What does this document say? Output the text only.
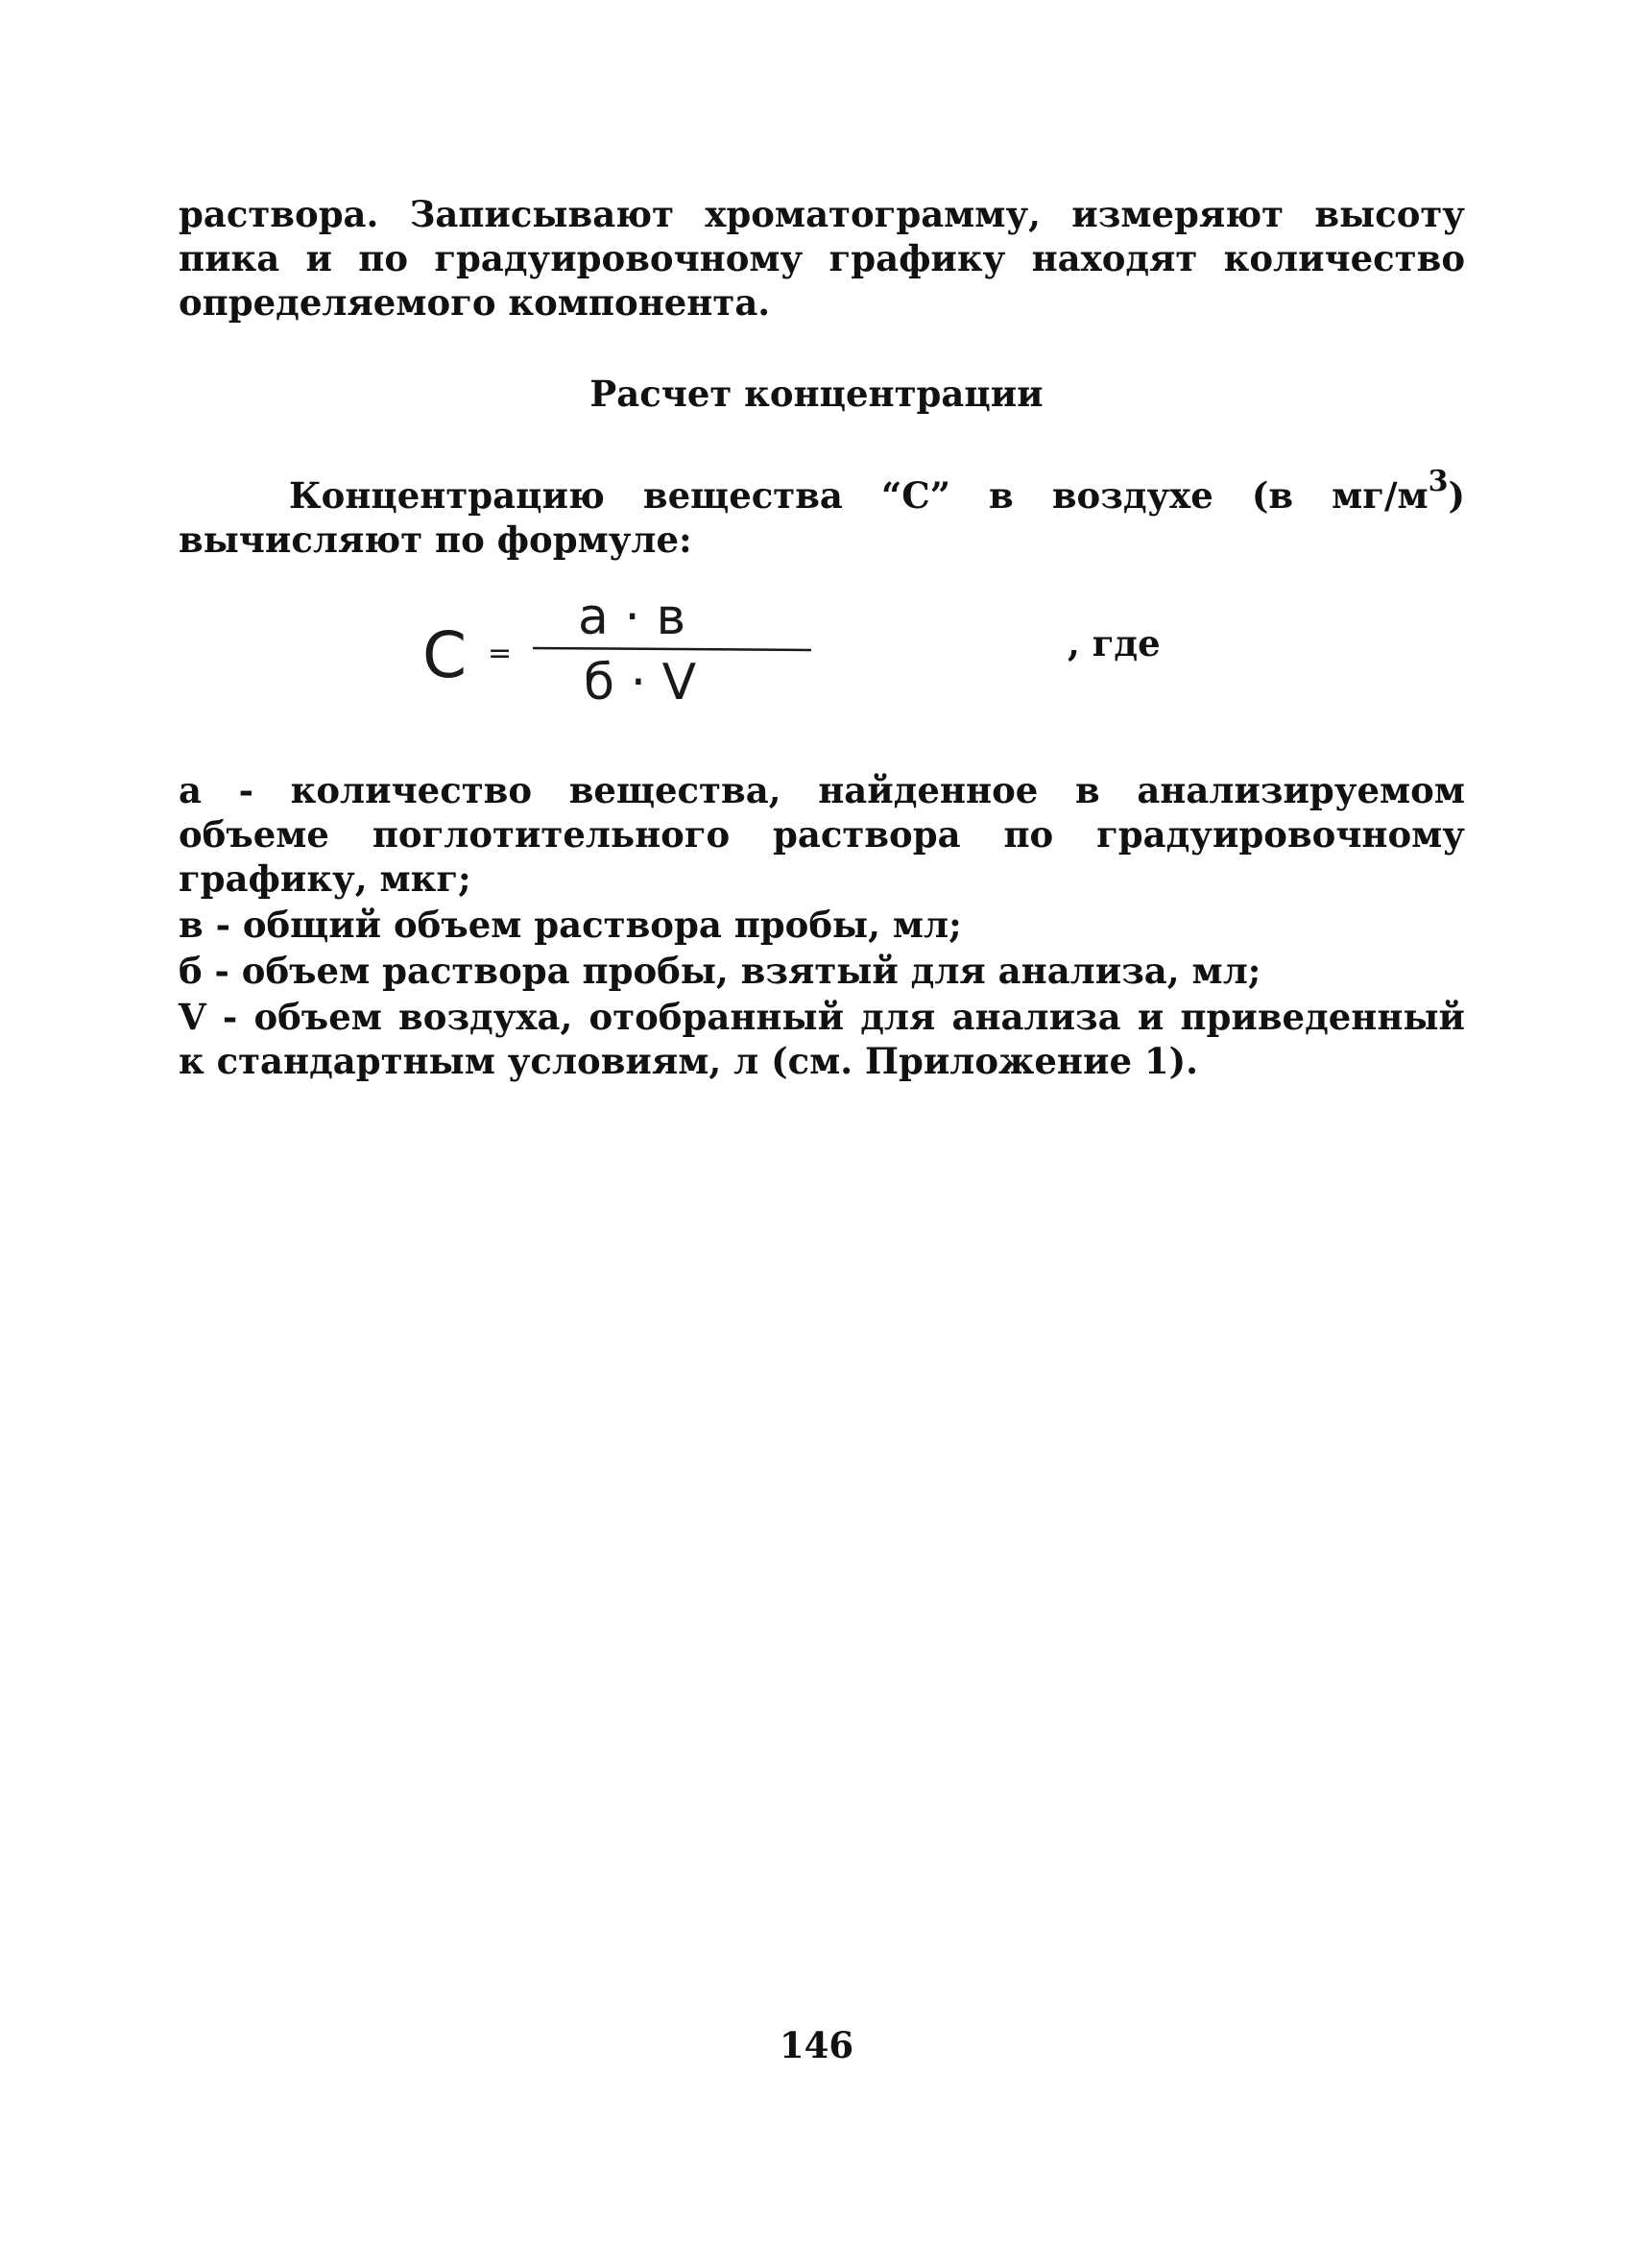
раствора. Записывают хроматограмму, измеряют высоту пика и по градуировочному графику находят количество определяемого компонента.

Расчет концентрации

Концентрацию вещества “С” в воздухе (в $мг/м^3$) вычисляют по формуле:

C =
a · в
б · V
, где

а - количество вещества, найденное в анализируемом объеме поглотительного раствора по градуировочному графику, мкг;

в - общий объем раствора пробы, мл;

б - объем раствора пробы, взятый для анализа, мл;

V - объем воздуха, отобранный для анализа и приведенный к стандартным условиям, л (см. Приложение 1).

146
